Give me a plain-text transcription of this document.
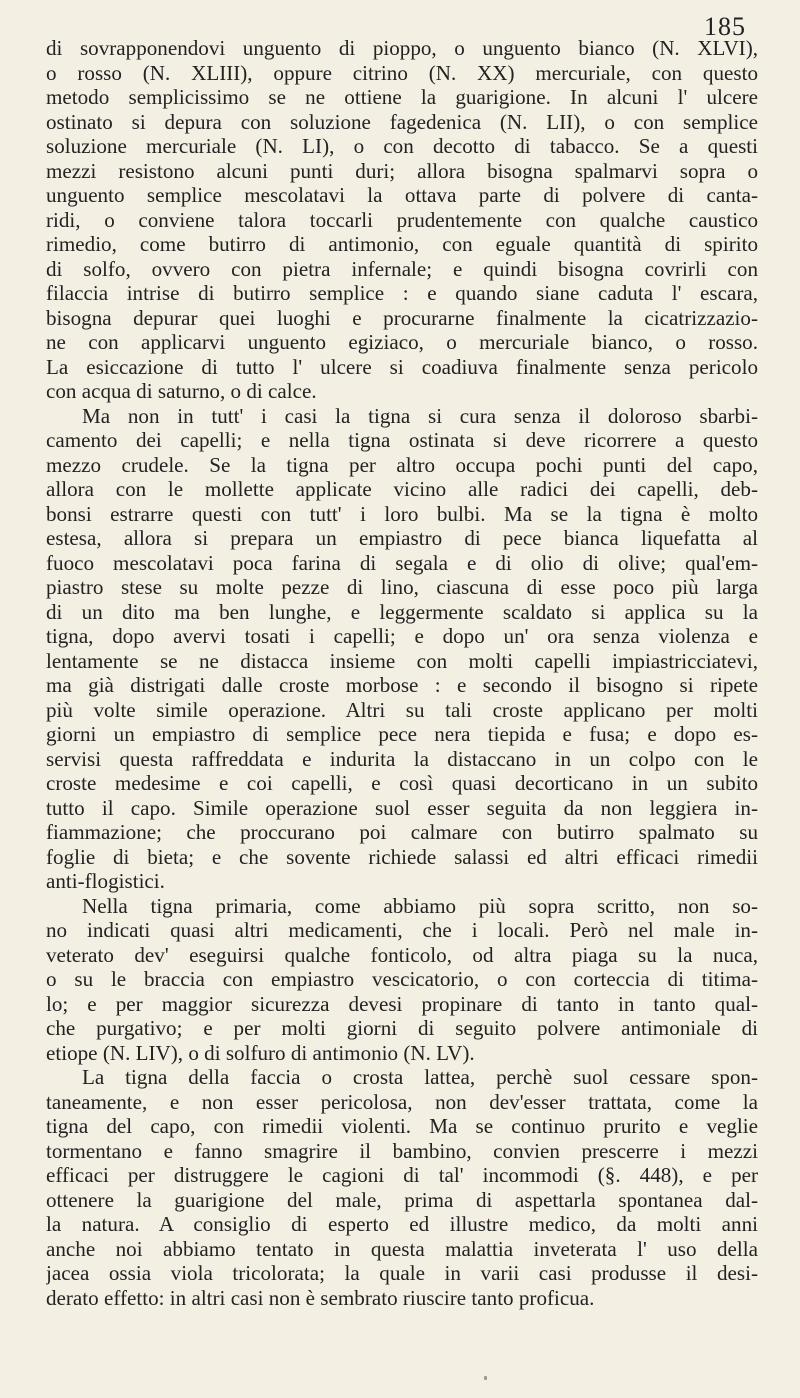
185
di sovrapponendovi unguento di pioppo, o unguento bianco (N. XLVI),
o rosso (N. XLIII), oppure citrino (N. XX) mercuriale, con questo
metodo semplicissimo se ne ottiene la guarigione. In alcuni l' ulcere
ostinato si depura con soluzione fagedenica (N. LII), o con semplice
soluzione mercuriale (N. LI), o con decotto di tabacco. Se a questi
mezzi resistono alcuni punti duri; allora bisogna spalmarvi sopra o
unguento semplice mescolatavi la ottava parte di polvere di canta-
ridi, o conviene talora toccarli prudentemente con qualche caustico
rimedio, come butirro di antimonio, con eguale quantità di spirito
di solfo, ovvero con pietra infernale; e quindi bisogna covrirli con
filaccia intrise di butirro semplice : e quando siane caduta l' escara,
bisogna depurar quei luoghi e procurarne finalmente la cicatrizzazio-
ne con applicarvi unguento egiziaco, o mercuriale bianco, o rosso.
La esiccazione di tutto l' ulcere si coadiuva finalmente senza pericolo
con acqua di saturno, o di calce.
Ma non in tutt' i casi la tigna si cura senza il doloroso sbarbi-
camento dei capelli; e nella tigna ostinata si deve ricorrere a questo
mezzo crudele. Se la tigna per altro occupa pochi punti del capo,
allora con le mollette applicate vicino alle radici dei capelli, deb-
bonsi estrarre questi con tutt' i loro bulbi. Ma se la tigna è molto
estesa, allora si prepara un empiastro di pece bianca liquefatta al
fuoco mescolatavi poca farina di segala e di olio di olive; qual'em-
piastro stese su molte pezze di lino, ciascuna di esse poco più larga
di un dito ma ben lunghe, e leggermente scaldato si applica su la
tigna, dopo avervi tosati i capelli; e dopo un' ora senza violenza e
lentamente se ne distacca insieme con molti capelli impiastricciatevi,
ma già distrigati dalle croste morbose : e secondo il bisogno si ripete
più volte simile operazione. Altri su tali croste applicano per molti
giorni un empiastro di semplice pece nera tiepida e fusa; e dopo es-
servisi questa raffreddata e indurita la distaccano in un colpo con le
croste medesime e coi capelli, e così quasi decorticano in un subito
tutto il capo. Simile operazione suol esser seguita da non leggiera in-
fiammazione; che proccurano poi calmare con butirro spalmato su
foglie di bieta; e che sovente richiede salassi ed altri efficaci rimedii
anti-flogistici.
Nella tigna primaria, come abbiamo più sopra scritto, non so-
no indicati quasi altri medicamenti, che i locali. Però nel male in-
veterato dev' eseguirsi qualche fonticolo, od altra piaga su la nuca,
o su le braccia con empiastro vescicatorio, o con corteccia di titima-
lo; e per maggior sicurezza devesi propinare di tanto in tanto qual-
che purgativo; e per molti giorni di seguito polvere antimoniale di
etiope (N. LIV), o di solfuro di antimonio (N. LV).
La tigna della faccia o crosta lattea, perchè suol cessare spon-
taneamente, e non esser pericolosa, non dev'esser trattata, come la
tigna del capo, con rimedii violenti. Ma se continuo prurito e veglie
tormentano e fanno smagrire il bambino, convien prescerre i mezzi
efficaci per distruggere le cagioni di tal' incommodi (§. 448), e per
ottenere la guarigione del male, prima di aspettarla spontanea dal-
la natura. A consiglio di esperto ed illustre medico, da molti anni
anche noi abbiamo tentato in questa malattia inveterata l' uso della
jacea ossia viola tricolorata; la quale in varii casi produsse il desi-
derato effetto: in altri casi non è sembrato riuscire tanto proficua.
